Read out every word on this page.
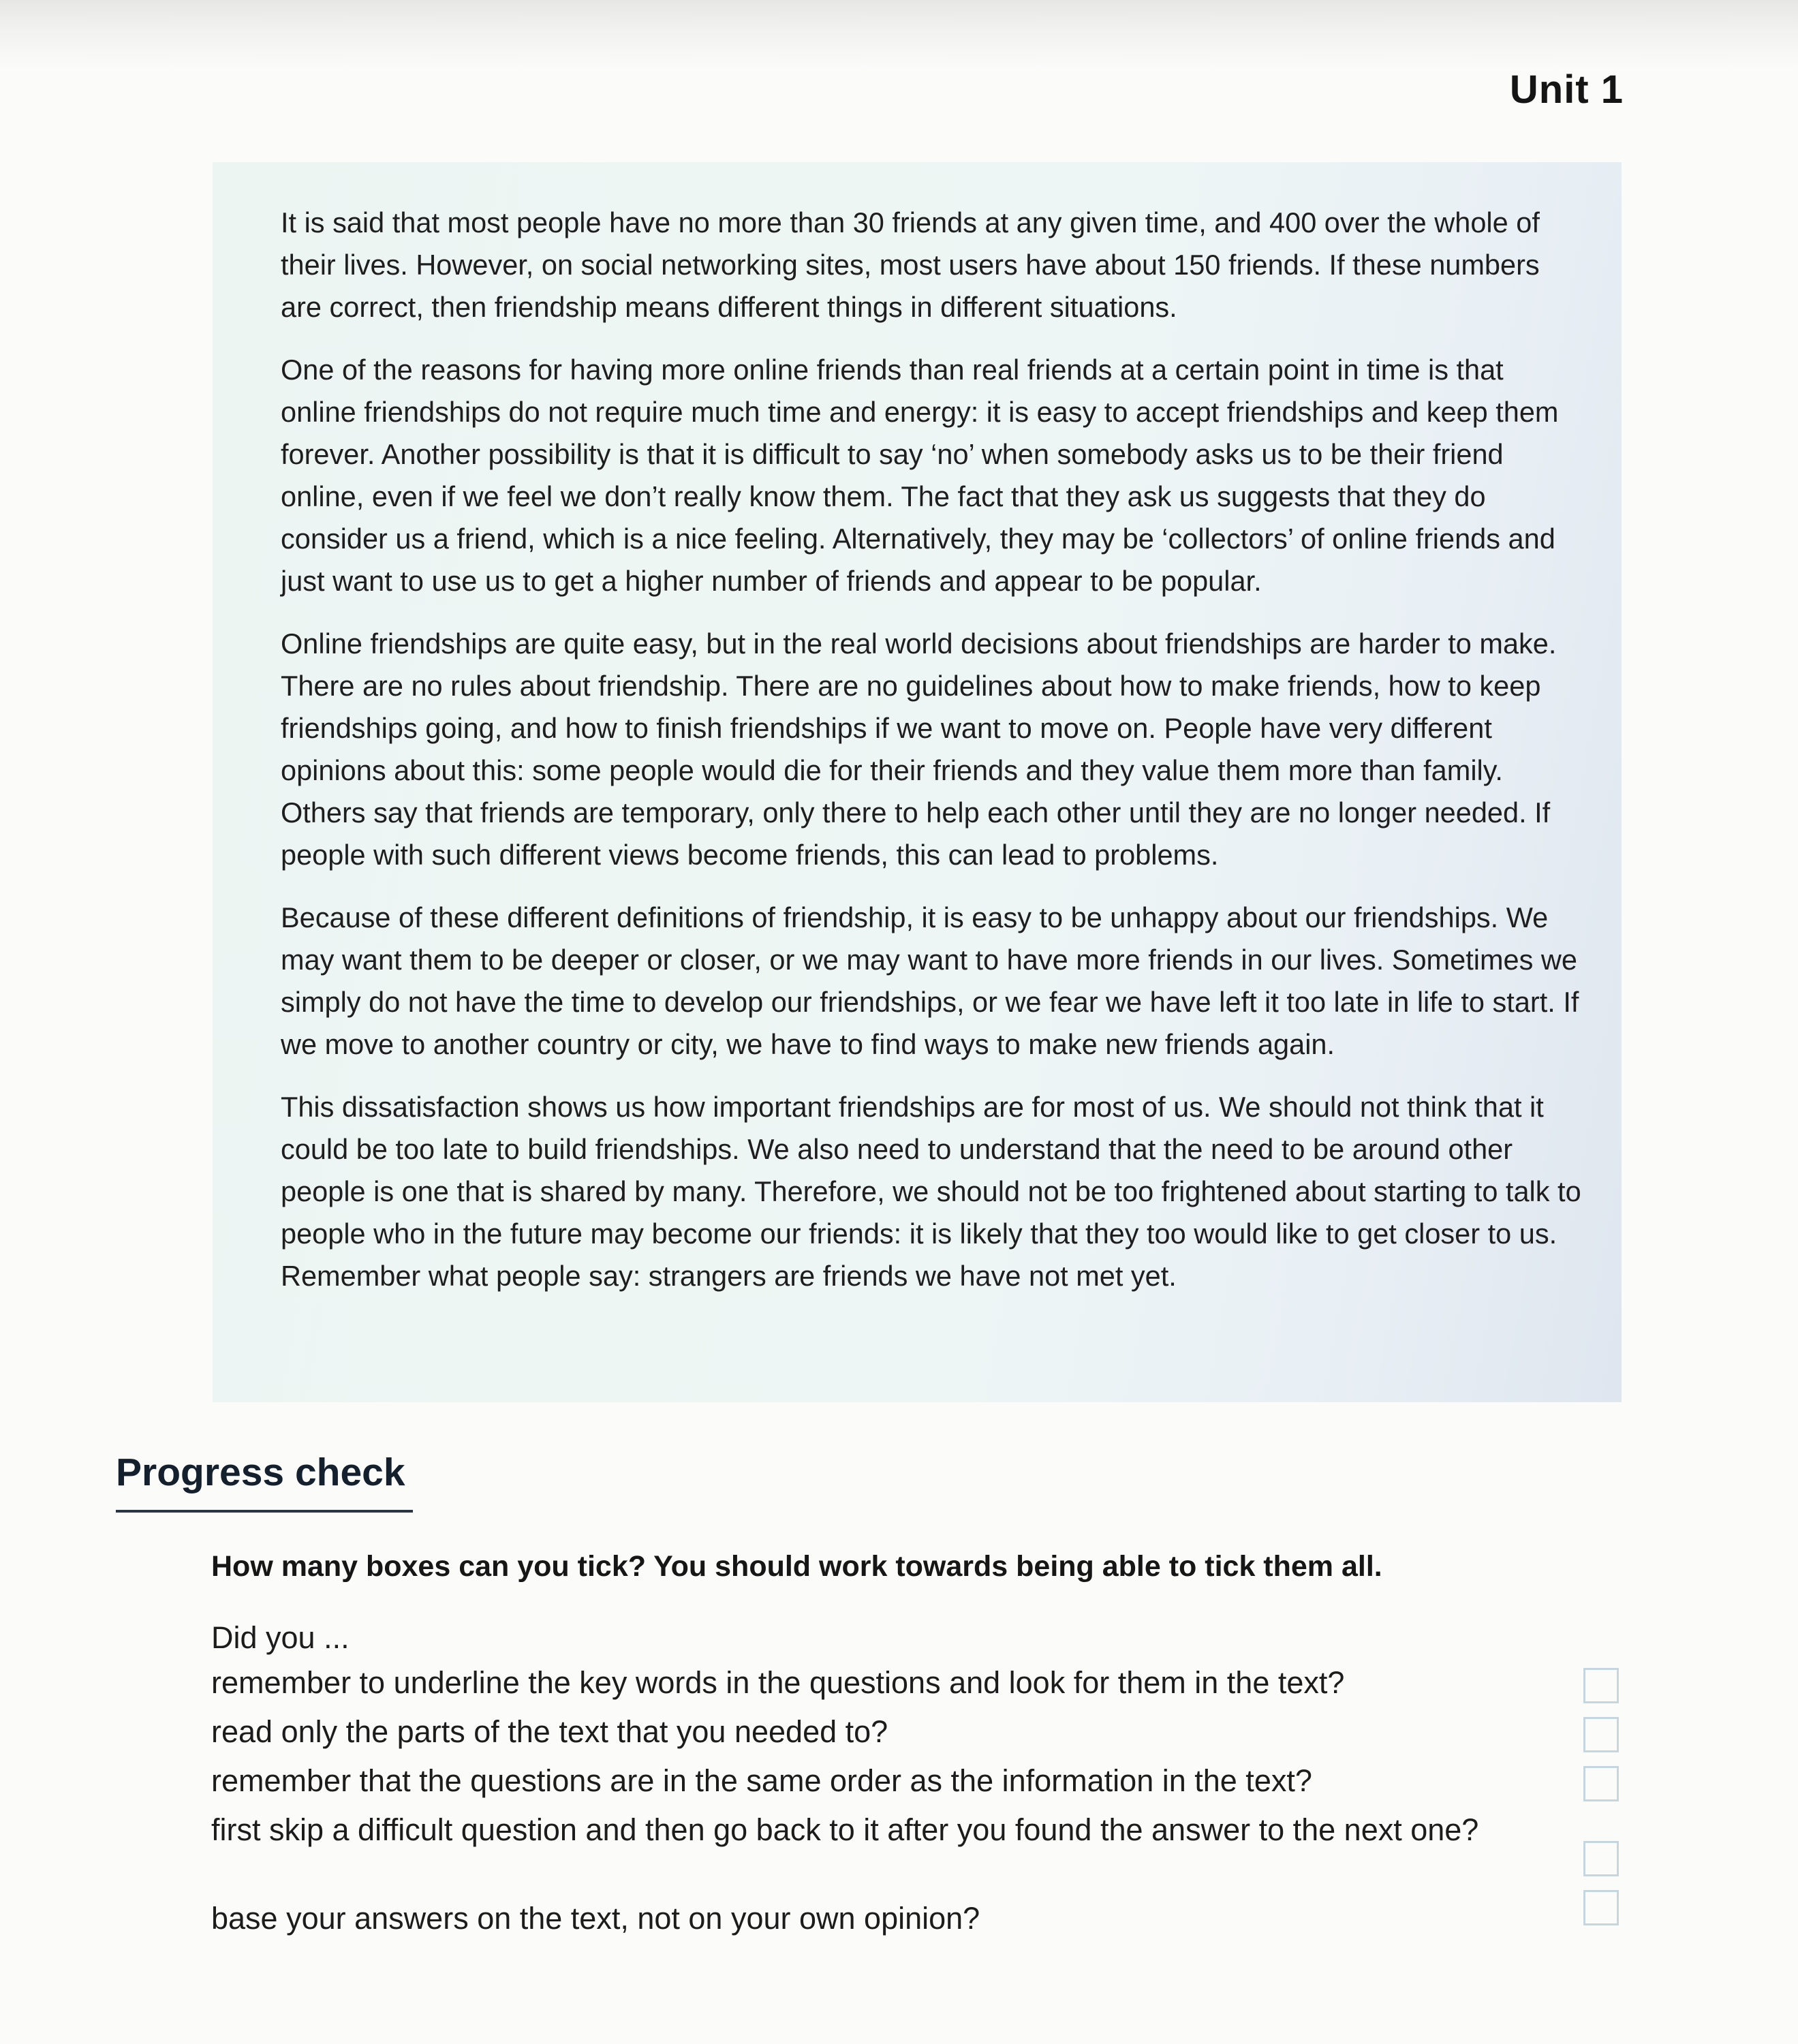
Unit 1

It is said that most people have no more than 30 friends at any given time, and 400 over the whole of their lives. However, on social networking sites, most users have about 150 friends. If these numbers are correct, then friendship means different things in different situations.

One of the reasons for having more online friends than real friends at a certain point in time is that online friendships do not require much time and energy: it is easy to accept friendships and keep them forever. Another possibility is that it is difficult to say ‘no’ when somebody asks us to be their friend online, even if we feel we don’t really know them. The fact that they ask us suggests that they do consider us a friend, which is a nice feeling. Alternatively, they may be ‘collectors’ of online friends and just want to use us to get a higher number of friends and appear to be popular.

Online friendships are quite easy, but in the real world decisions about friendships are harder to make. There are no rules about friendship. There are no guidelines about how to make friends, how to keep friendships going, and how to finish friendships if we want to move on. People have very different opinions about this: some people would die for their friends and they value them more than family. Others say that friends are temporary, only there to help each other until they are no longer needed. If people with such different views become friends, this can lead to problems.

Because of these different definitions of friendship, it is easy to be unhappy about our friendships. We may want them to be deeper or closer, or we may want to have more friends in our lives. Sometimes we simply do not have the time to develop our friendships, or we fear we have left it too late in life to start. If we move to another country or city, we have to find ways to make new friends again.

This dissatisfaction shows us how important friendships are for most of us. We should not think that it could be too late to build friendships. We also need to understand that the need to be around other people is one that is shared by many. Therefore, we should not be too frightened about starting to talk to people who in the future may become our friends: it is likely that they too would like to get closer to us. Remember what people say: strangers are friends we have not met yet.

Progress check

How many boxes can you tick? You should work towards being able to tick them all.

Did you ...

remember to underline the key words in the questions and look for them in the text?
read only the parts of the text that you needed to?
remember that the questions are in the same order as the information in the text?
first skip a difficult question and then go back to it after you found the answer to the next one?
base your answers on the text, not on your own opinion?
